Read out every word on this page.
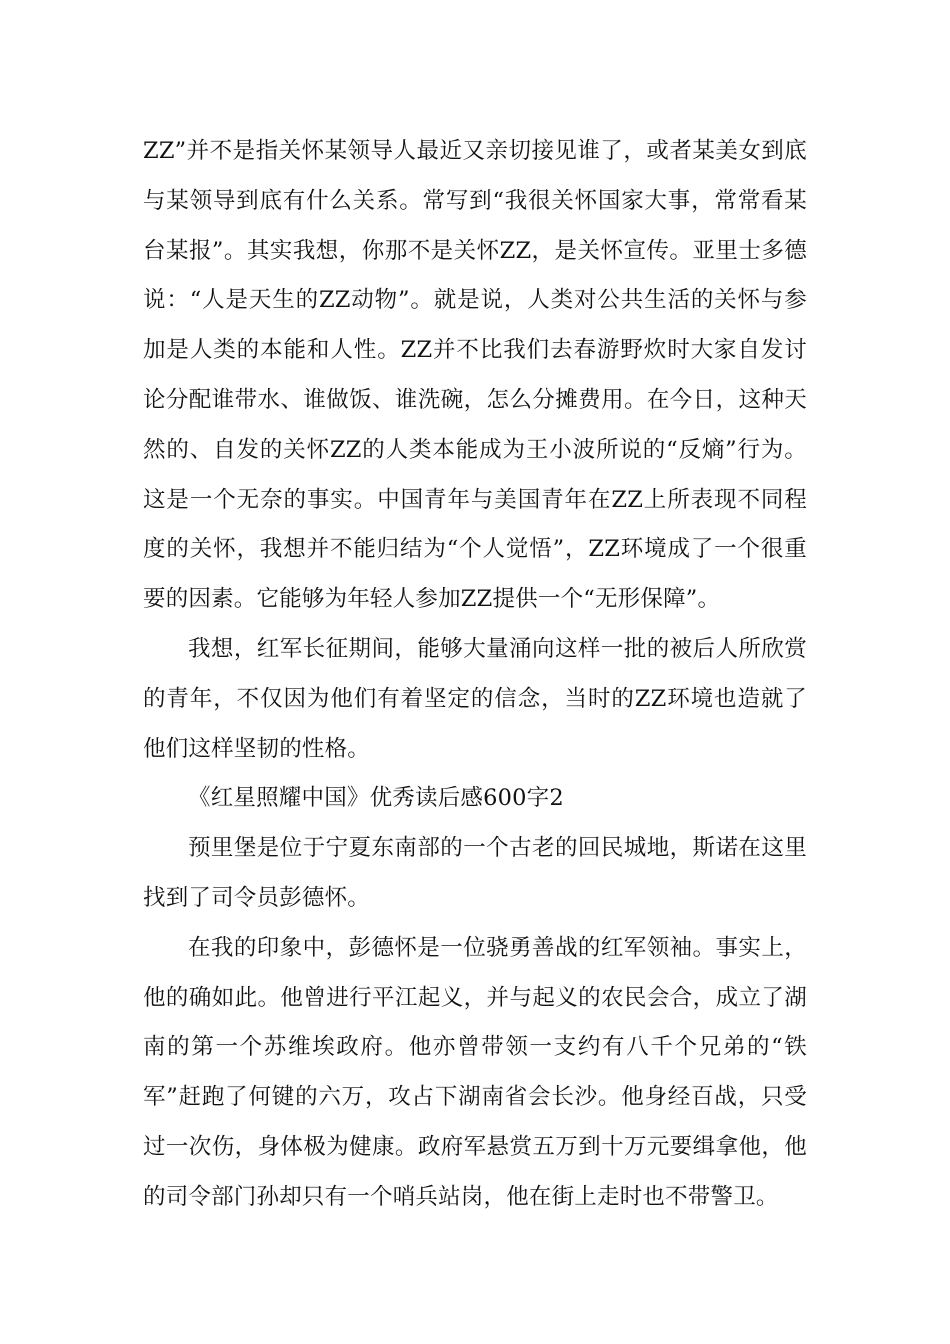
ZZ”并不是指关怀某领导人最近又亲切接见谁了，或者某美女到底与某领导到底有什么关系。常写到“我很关怀国家大事，常常看某台某报”。其实我想，你那不是关怀ZZ，是关怀宣传。亚里士多德说：“人是天生的ZZ动物”。就是说，人类对公共生活的关怀与参加是人类的本能和人性。ZZ并不比我们去春游野炊时大家自发讨论分配谁带水、谁做饭、谁洗碗，怎么分摊费用。在今日，这种天然的、自发的关怀ZZ的人类本能成为王小波所说的“反熵”行为。这是一个无奈的事实。中国青年与美国青年在ZZ上所表现不同程度的关怀，我想并不能归结为“个人觉悟”，ZZ环境成了一个很重要的因素。它能够为年轻人参加ZZ提供一个“无形保障”。

我想，红军长征期间，能够大量涌向这样一批的被后人所欣赏的青年，不仅因为他们有着坚定的信念，当时的ZZ环境也造就了他们这样坚韧的性格。

《红星照耀中国》优秀读后感600字2

预里堡是位于宁夏东南部的一个古老的回民城地，斯诺在这里找到了司令员彭德怀。

在我的印象中，彭德怀是一位骁勇善战的红军领袖。事实上，他的确如此。他曾进行平江起义，并与起义的农民会合，成立了湖南的第一个苏维埃政府。他亦曾带领一支约有八千个兄弟的“铁军”赶跑了何键的六万，攻占下湖南省会长沙。他身经百战，只受过一次伤，身体极为健康。政府军悬赏五万到十万元要缉拿他，他的司令部门孙却只有一个哨兵站岗，他在街上走时也不带警卫。
